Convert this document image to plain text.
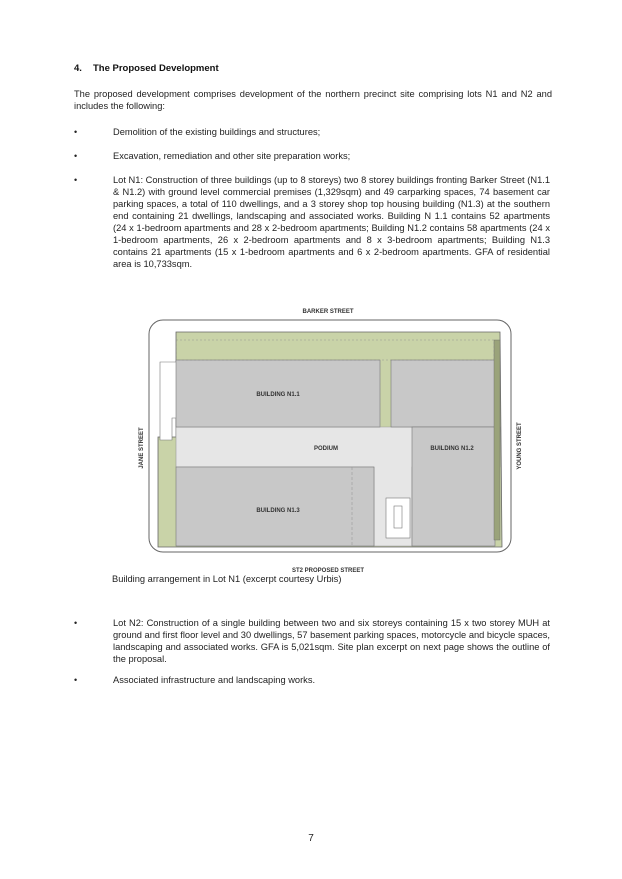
4. The Proposed Development
The proposed development comprises development of the northern precinct site comprising lots N1 and N2 and includes the following:
•	Demolition of the existing buildings and structures;
•	Excavation, remediation and other site preparation works;
•	Lot N1: Construction of three buildings (up to 8 storeys) two 8 storey buildings fronting Barker Street (N1.1 & N1.2) with ground level commercial premises (1,329sqm) and 49 carparking spaces, 74 basement car parking spaces, a total of 110 dwellings, and a 3 storey shop top housing building (N1.3) at the southern end containing 21 dwellings, landscaping and associated works. Building N 1.1 contains 52 apartments (24 x 1-bedroom apartments and 28 x 2-bedroom apartments; Building N1.2 contains 58 apartments (24 x 1-bedroom apartments, 26 x 2-bedroom apartments and 8 x 3-bedroom apartments; Building N1.3 contains 21 apartments (15 x 1-bedroom apartments and 6 x 2-bedroom apartments. GFA of residential area is 10,733sqm.
BARKER STREET
ST2 PROPOSED STREET
JANE STREET	YOUNG STREET
BUILDING N1.1
BUILDING N1.2
BUILDING N1.3
PODIUM
Building arrangement in Lot N1 (excerpt courtesy Urbis)
•	Lot N2: Construction of a single building between two and six storeys containing 15 x two storey MUH at ground and first floor level and 30 dwellings, 57 basement parking spaces, motorcycle and bicycle spaces, landscaping and associated works. GFA is 5,021sqm. Site plan excerpt on next page shows the outline of the proposal.
•	Associated infrastructure and landscaping works.
7
